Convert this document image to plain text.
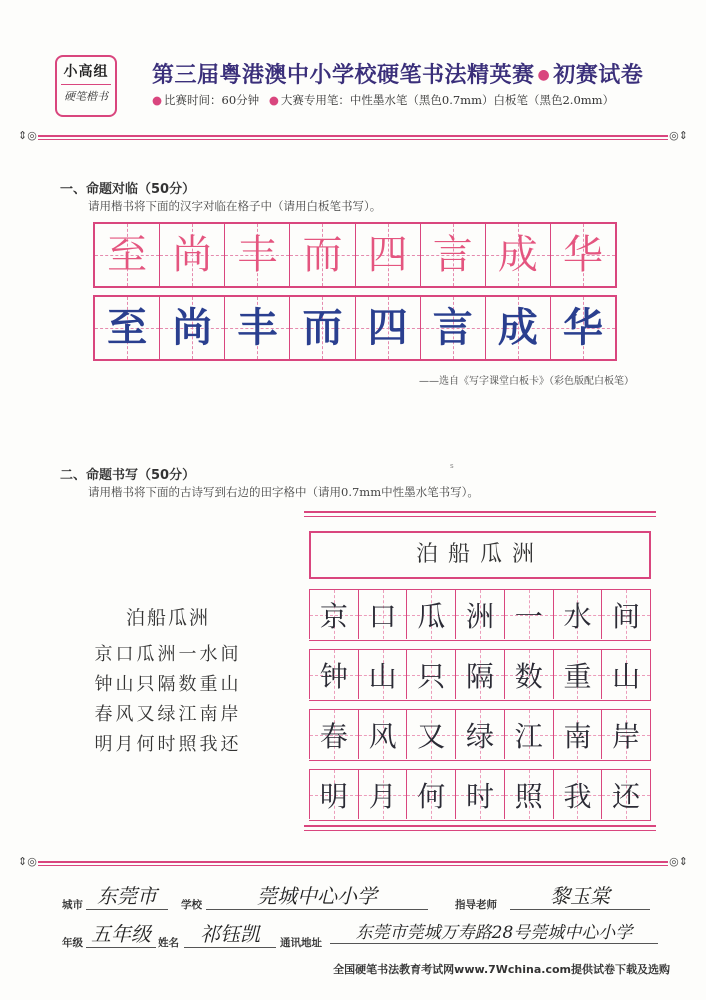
小高组
硬笔楷书
第三届粤港澳中小学校硬笔书法精英赛 ● 初赛试卷
● 比赛时间：60分钟 ● 大赛专用笔：中性墨水笔（黑色0.7mm）白板笔（黑色2.0mm）
⇕◎	◎⇕
一、命题对临（50分）
请用楷书将下面的汉字对临在格子中（请用白板笔书写）。
至 尚 丰 而 四 言 成 华
至 尚 丰 而 四 言 成 华
——选自《写字课堂白板卡》（彩色版配白板笔）
s
二、命题书写（50分）
请用楷书将下面的古诗写到右边的田字格中（请用0.7mm中性墨水笔书写）。
泊船瓜洲
京口瓜洲一水间
钟山只隔数重山
春风又绿江南岸
明月何时照我还
泊船瓜洲
京 口 瓜 洲 一 水 间
钟 山 只 隔 数 重 山
春 风 又 绿 江 南 岸
明 月 何 时 照 我 还
⇕◎	◎⇕
城市 东莞市	学校	莞城中心小学	指导老师	黎玉棠
年级 五年级 姓名	祁钰凯	通讯地址	东莞市莞城万寿路28号莞城中心小学
全国硬笔书法教育考试网www.7Wchina.com提供试卷下载及选购
